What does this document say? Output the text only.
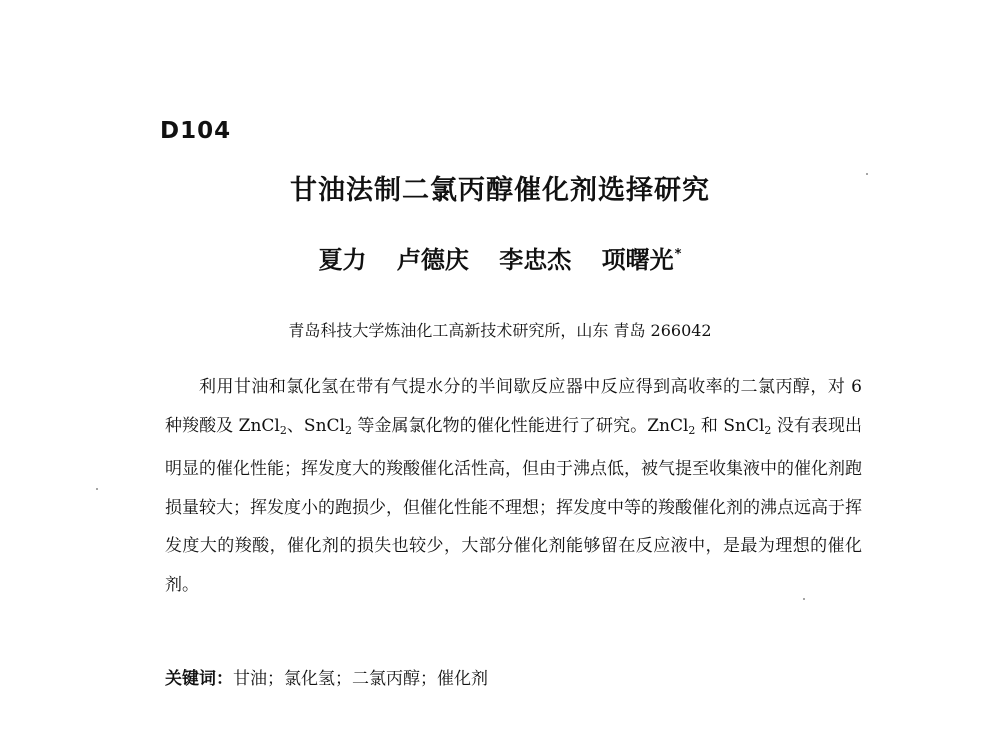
D104
甘油法制二氯丙醇催化剂选择研究
夏力 卢德庆 李忠杰 项曙光*
青岛科技大学炼油化工高新技术研究所，山东 青岛 266042

利用甘油和氯化氢在带有气提水分的半间歇反应器中反应得到高收率的二氯丙醇，对 6 种羧酸及 ZnCl$_2$、SnCl$_2$ 等金属氯化物的催化性能进行了研究。ZnCl$_2$ 和 SnCl$_2$ 没有表现出明显的催化性能；挥发度大的羧酸催化活性高，但由于沸点低，被气提至收集液中的催化剂跑损量较大；挥发度小的跑损少，但催化性能不理想；挥发度中等的羧酸催化剂的沸点远高于挥发度大的羧酸，催化剂的损失也较少，大部分催化剂能够留在反应液中，是最为理想的催化剂。

关键词：甘油；氯化氢；二氯丙醇；催化剂
